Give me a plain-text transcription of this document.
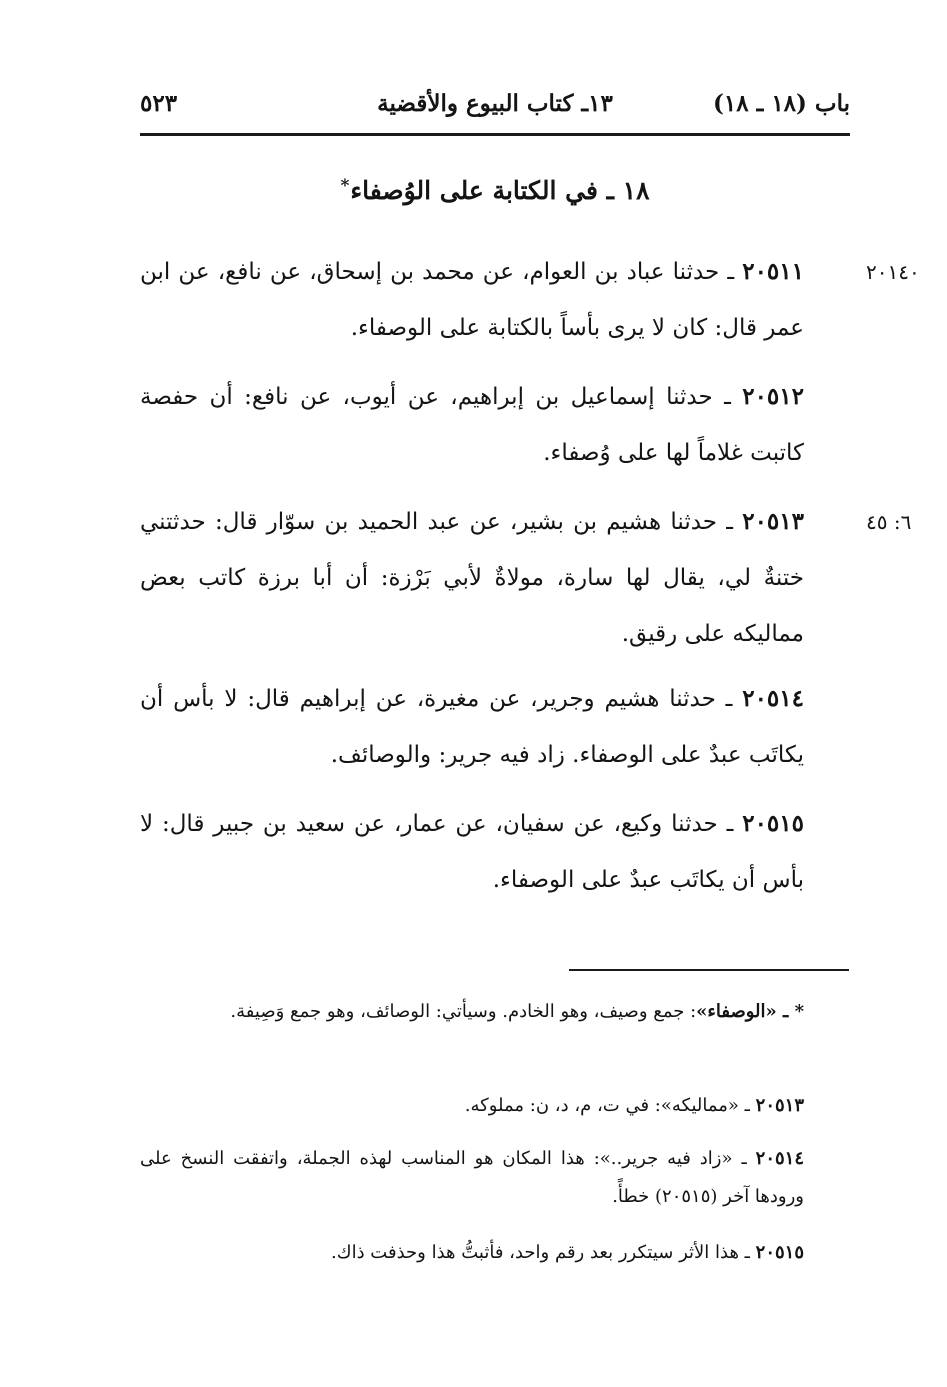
باب (١٨ ـ ١٨)
١٣ـ كتاب البيوع والأقضية
٥٢٣
١٨ ـ في الكتابة على الوُصفاء*
٢٠١٤٠
٦: ٤٥
٢٠٥١١ ـ حدثنا عباد بن العوام، عن محمد بن إسحاق، عن نافع، عن ابن عمر قال: كان لا يرى بأساً بالكتابة على الوصفاء.
٢٠٥١٢ ـ حدثنا إسماعيل بن إبراهيم، عن أيوب، عن نافع: أن حفصة كاتبت غلاماً لها على وُصفاء.
٢٠٥١٣ ـ حدثنا هشيم بن بشير، عن عبد الحميد بن سوّار قال: حدثتني ختنةٌ لي، يقال لها سارة، مولاةٌ لأبي بَرْزة: أن أبا برزة كاتب بعض مماليكه على رقيق.
٢٠٥١٤ ـ حدثنا هشيم وجرير، عن مغيرة، عن إبراهيم قال: لا بأس أن يكاتَب عبدٌ على الوصفاء. زاد فيه جرير: والوصائف.
٢٠٥١٥ ـ حدثنا وكيع، عن سفيان، عن عمار، عن سعيد بن جبير قال: لا بأس أن يكاتَب عبدٌ على الوصفاء.
* ـ «الوصفاء»: جمع وصيف، وهو الخادم. وسيأتي: الوصائف، وهو جمع وَصِيفة.
٢٠٥١٣ ـ «مماليكه»: في ت، م، د، ن: مملوكه.
٢٠٥١٤ ـ «زاد فيه جرير..»: هذا المكان هو المناسب لهذه الجملة، واتفقت النسخ على ورودها آخر (٢٠٥١٥) خطأً.
٢٠٥١٥ ـ هذا الأثر سيتكرر بعد رقم واحد، فأثبتُّ هذا وحذفت ذاك.
